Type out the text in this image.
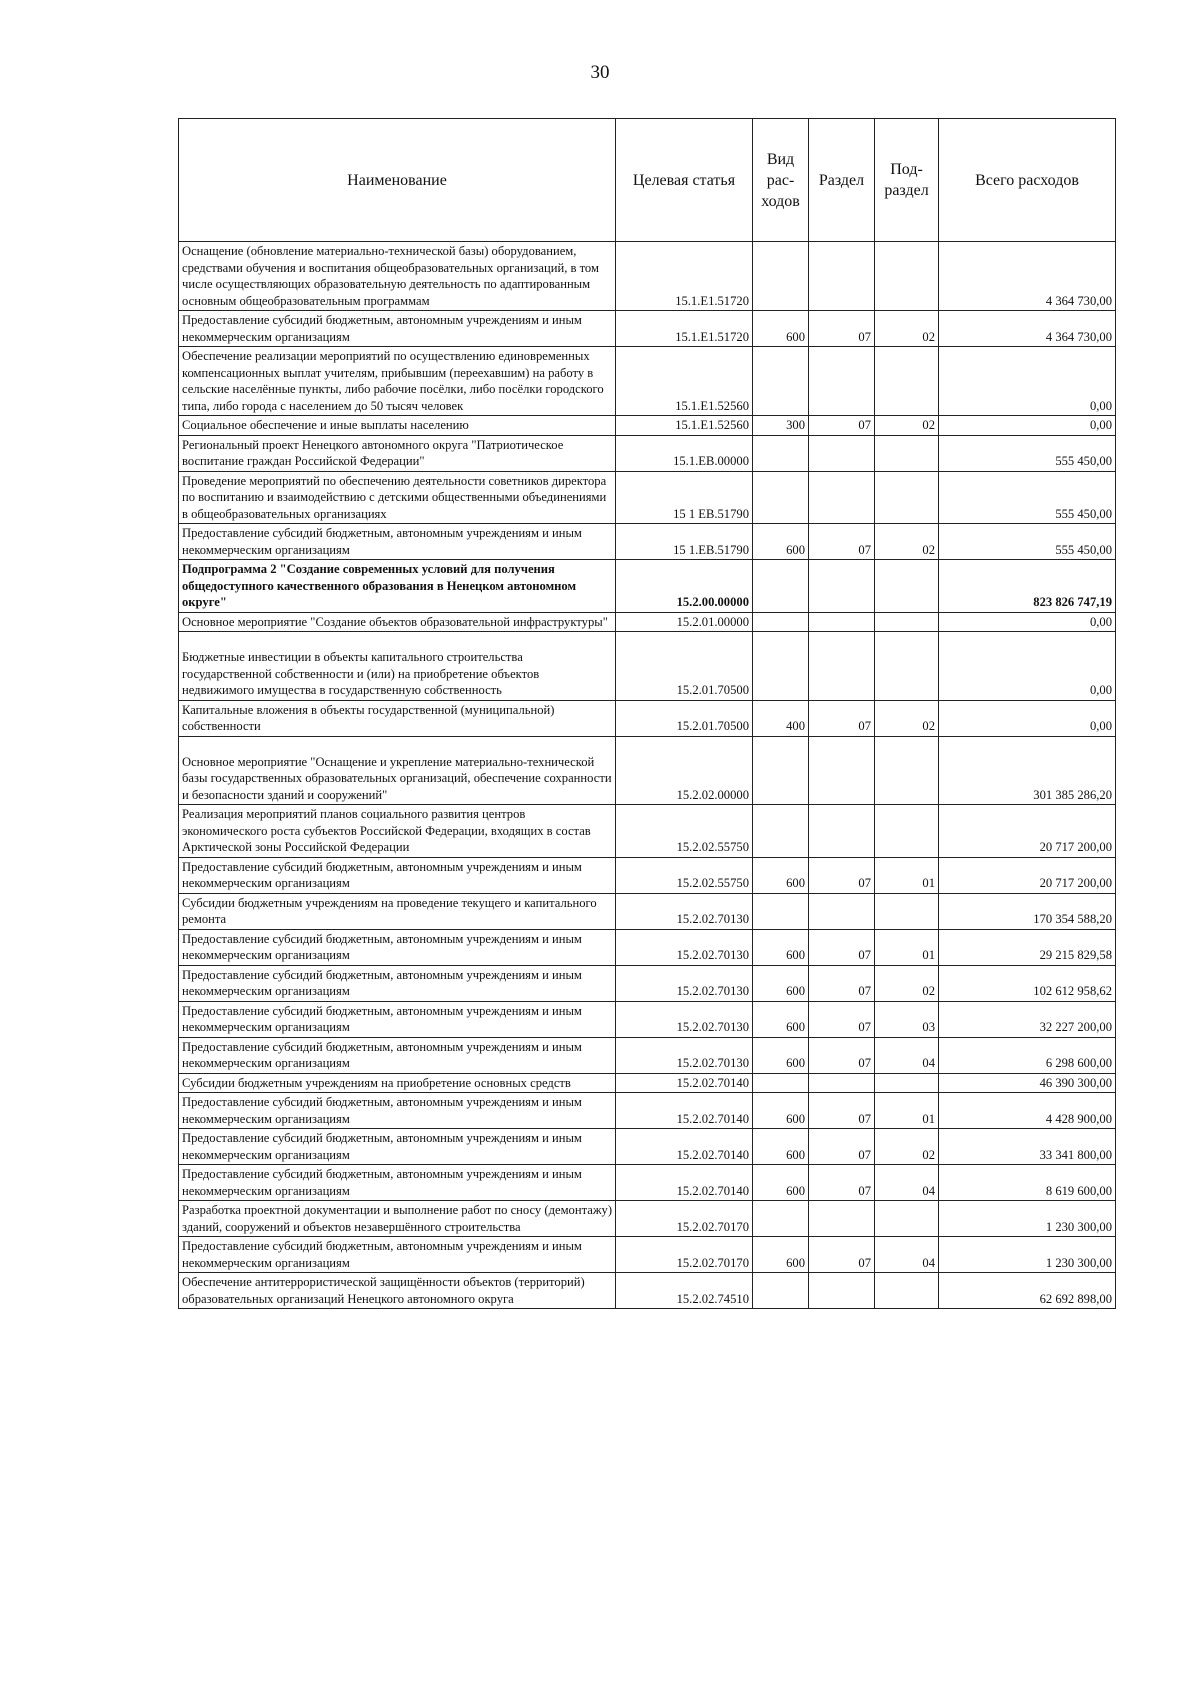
30
Наименование	Целевая статья	Вид рас-ходов	Раздел	Под-раздел	Всего расходов
Оснащение (обновление материально-технической базы) оборудованием, средствами обучения и воспитания общеобразовательных организаций, в том числе осуществляющих образовательную деятельность по адаптированным основным общеобразовательным программам	15.1.E1.51720				4 364 730,00
Предоставление субсидий бюджетным, автономным учреждениям и иным некоммерческим организациям	15.1.E1.51720	600	07	02	4 364 730,00
Обеспечение реализации мероприятий по осуществлению единовременных компенсационных выплат учителям, прибывшим (переехавшим) на работу в сельские населённые пункты, либо рабочие посёлки, либо посёлки городского типа, либо города с населением до 50 тысяч человек	15.1.E1.52560				0,00
Социальное обеспечение и иные выплаты населению	15.1.E1.52560	300	07	02	0,00
Региональный проект Ненецкого автономного округа "Патриотическое воспитание граждан Российской Федерации"	15.1.EB.00000				555 450,00
Проведение мероприятий по обеспечению деятельности советников директора по воспитанию и взаимодействию с детскими общественными объединениями в общеобразовательных организациях	15 1 EB.51790				555 450,00
Предоставление субсидий бюджетным, автономным учреждениям и иным некоммерческим организациям	15 1.EB.51790	600	07	02	555 450,00
Подпрограмма 2 "Создание современных условий для получения общедоступного качественного образования в Ненецком автономном округе"	15.2.00.00000				823 826 747,19
Основное мероприятие "Создание объектов образовательной инфраструктуры"	15.2.01.00000				0,00
Бюджетные инвестиции в объекты капитального строительства государственной собственности и (или) на приобретение объектов недвижимого имущества в государственную собственность	15.2.01.70500				0,00
Капитальные вложения в объекты государственной (муниципальной) собственности	15.2.01.70500	400	07	02	0,00
Основное мероприятие "Оснащение и укрепление материально-технической базы государственных образовательных организаций, обеспечение сохранности и безопасности зданий и сооружений"	15.2.02.00000				301 385 286,20
Реализация мероприятий планов социального развития центров экономического роста субъектов Российской Федерации, входящих в состав Арктической зоны Российской Федерации	15.2.02.55750				20 717 200,00
Предоставление субсидий бюджетным, автономным учреждениям и иным некоммерческим организациям	15.2.02.55750	600	07	01	20 717 200,00
Субсидии бюджетным учреждениям на проведение текущего и капитального ремонта	15.2.02.70130				170 354 588,20
Предоставление субсидий бюджетным, автономным учреждениям и иным некоммерческим организациям	15.2.02.70130	600	07	01	29 215 829,58
Предоставление субсидий бюджетным, автономным учреждениям и иным некоммерческим организациям	15.2.02.70130	600	07	02	102 612 958,62
Предоставление субсидий бюджетным, автономным учреждениям и иным некоммерческим организациям	15.2.02.70130	600	07	03	32 227 200,00
Предоставление субсидий бюджетным, автономным учреждениям и иным некоммерческим организациям	15.2.02.70130	600	07	04	6 298 600,00
Субсидии бюджетным учреждениям на приобретение основных средств	15.2.02.70140				46 390 300,00
Предоставление субсидий бюджетным, автономным учреждениям и иным некоммерческим организациям	15.2.02.70140	600	07	01	4 428 900,00
Предоставление субсидий бюджетным, автономным учреждениям и иным некоммерческим организациям	15.2.02.70140	600	07	02	33 341 800,00
Предоставление субсидий бюджетным, автономным учреждениям и иным некоммерческим организациям	15.2.02.70140	600	07	04	8 619 600,00
Разработка проектной документации и выполнение работ по сносу (демонтажу) зданий, сооружений и объектов незавершённого строительства	15.2.02.70170				1 230 300,00
Предоставление субсидий бюджетным, автономным учреждениям и иным некоммерческим организациям	15.2.02.70170	600	07	04	1 230 300,00
Обеспечение антитеррористической защищённости объектов (территорий) образовательных организаций Ненецкого автономного округа	15.2.02.74510				62 692 898,00
